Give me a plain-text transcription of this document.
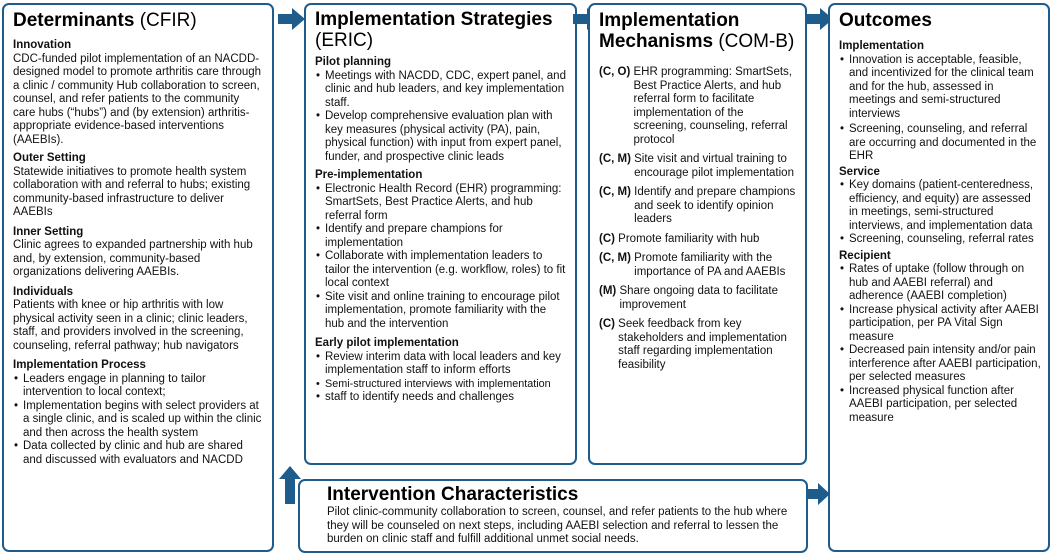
Determinants (CFIR)
Innovation
CDC-funded pilot implementation of an NACDD-designed model to promote arthritis care through a clinic / community Hub collaboration to screen, counsel, and refer patients to the community care hubs (“hubs”) and (by extension) arthritis-appropriate evidence-based interventions (AAEBIs).
Outer Setting
Statewide initiatives to promote health system collaboration with and referral to hubs; existing community-based infrastructure to deliver AAEBIs
Inner Setting
Clinic agrees to expanded partnership with hub and, by extension, community-based organizations delivering AAEBIs.
Individuals
Patients with knee or hip arthritis with low physical activity seen in a clinic; clinic leaders, staff, and providers involved in the screening, counseling, referral pathway; hub navigators
Implementation Process
• Leaders engage in planning to tailor intervention to local context;
• Implementation begins with select providers at a single clinic, and is scaled up within the clinic and then across the health system
• Data collected by clinic and hub are shared and discussed with evaluators and NACDD
Implementation Strategies
(ERIC)
Pilot planning
• Meetings with NACDD, CDC, expert panel, and clinic and hub leaders, and key implementation staff.
• Develop comprehensive evaluation plan with key measures (physical activity (PA), pain, physical function) with input from expert panel, funder, and prospective clinic leads
Pre-implementation
• Electronic Health Record (EHR) programming: SmartSets, Best Practice Alerts, and hub referral form
• Identify and prepare champions for implementation
• Collaborate with implementation leaders to tailor the intervention (e.g. workflow, roles) to fit local context
• Site visit and online training to encourage pilot implementation, promote familiarity with the hub and the intervention
Early pilot implementation
• Review interim data with local leaders and key implementation staff to inform efforts
• Semi-structured interviews with implementation
• staff to identify needs and challenges
Implementation
Mechanisms (COM-B)
(C, O)
EHR programming: SmartSets, Best Practice Alerts, and hub referral form to facilitate implementation of the screening, counseling, referral protocol
(C, M)
Site visit and virtual training to encourage pilot implementation
(C, M)
Identify and prepare champions and seek to identify opinion leaders
(C)
Promote familiarity with hub
(C, M)
Promote familiarity with the importance of PA and AAEBIs
(M)
Share ongoing data to facilitate improvement
(C)
Seek feedback from key stakeholders and implementation staff regarding implementation feasibility
Outcomes
Implementation
• Innovation is acceptable, feasible, and incentivized for the clinical team and for the hub, assessed in meetings and semi-structured interviews
• Screening, counseling, and referral are occurring and documented in the EHR
Service
• Key domains (patient-centeredness, efficiency, and equity) are assessed in meetings, semi-structured interviews, and implementation data
• Screening, counseling, referral rates
Recipient
• Rates of uptake (follow through on hub and AAEBI referral) and adherence (AAEBI completion)
• Increase physical activity after AAEBI participation, per PA Vital Sign measure
• Decreased pain intensity and/or pain interference after AAEBI participation, per selected measures
• Increased physical function after AAEBI participation, per selected measure
Intervention Characteristics
Pilot clinic-community collaboration to screen, counsel, and refer patients to the hub where they will be counseled on next steps, including AAEBI selection and referral to lessen the burden on clinic staff and fulfill additional unmet social needs.
